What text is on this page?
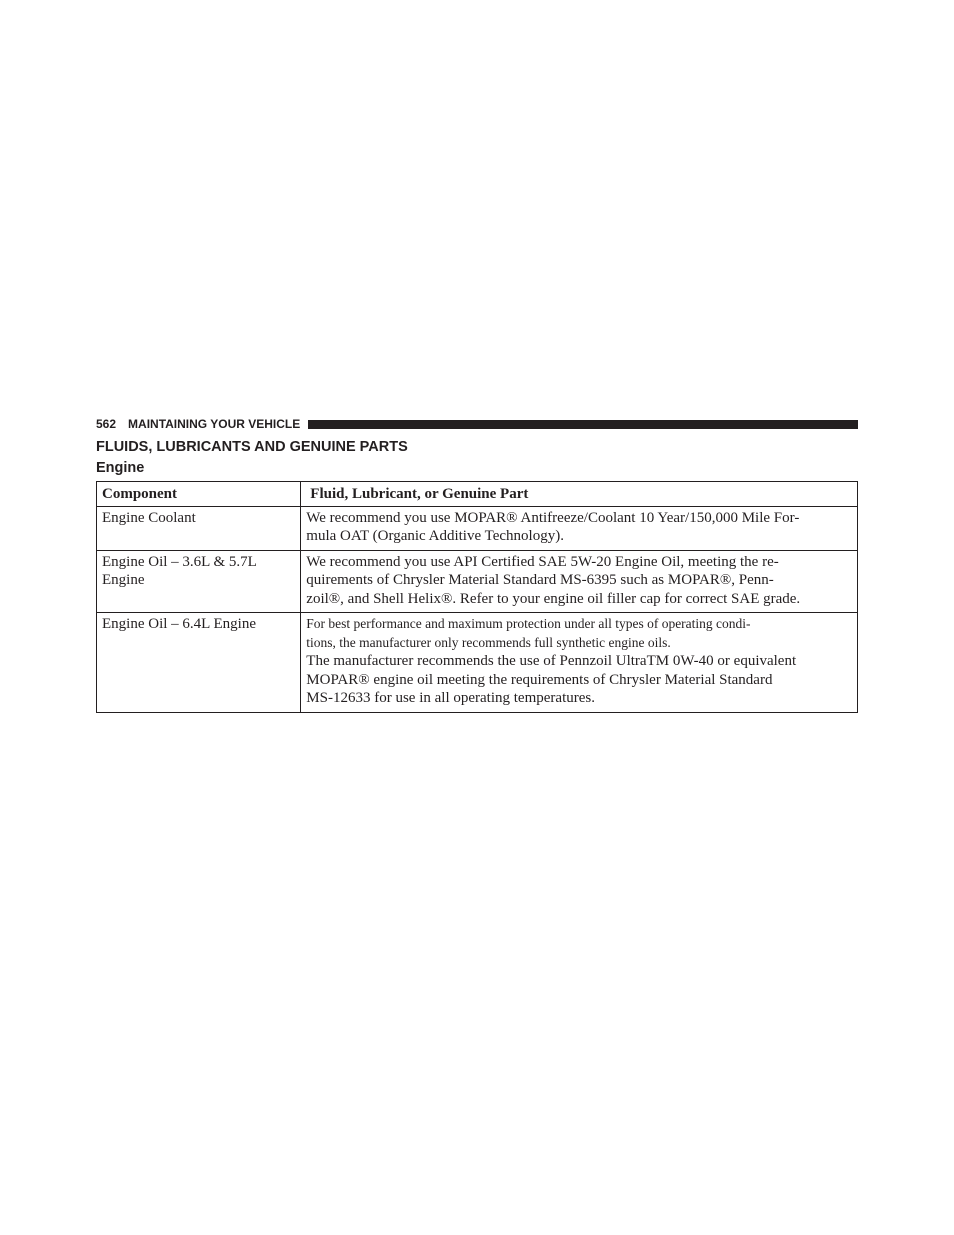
562 MAINTAINING YOUR VEHICLE
FLUIDS, LUBRICANTS AND GENUINE PARTS
Engine
Component	Fluid, Lubricant, or Genuine Part
Engine Coolant	We recommend you use MOPAR® Antifreeze/Coolant 10 Year/150,000 Mile For-
mula OAT (Organic Additive Technology).

Engine Oil – 3.6L & 5.7L
Engine	We recommend you use API Certified SAE 5W-20 Engine Oil, meeting the re-
quirements of Chrysler Material Standard MS-6395 such as MOPAR®, Penn-
zoil®, and Shell Helix®. Refer to your engine oil filler cap for correct SAE grade.

Engine Oil – 6.4L Engine	For best performance and maximum protection under all types of operating condi-
tions, the manufacturer only recommends full synthetic engine oils.
The manufacturer recommends the use of Pennzoil UltraTM 0W-40 or equivalent
MOPAR® engine oil meeting the requirements of Chrysler Material Standard
MS-12633 for use in all operating temperatures.
